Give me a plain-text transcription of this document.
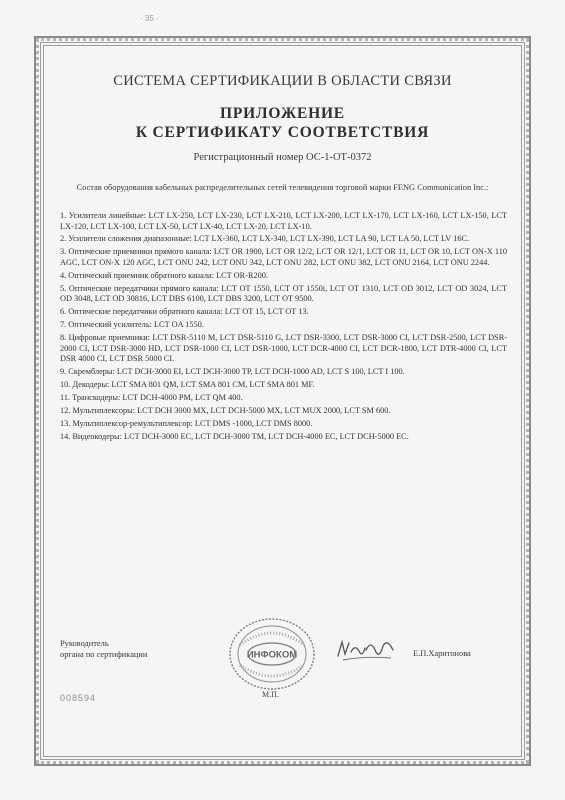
· 35 ·
СИСТЕМА СЕРТИФИКАЦИИ В ОБЛАСТИ СВЯЗИ
ПРИЛОЖЕНИЕ
К СЕРТИФИКАТУ СООТВЕТСТВИЯ
Регистрационный номер ОС-1-ОТ-0372
Состав оборудования кабельных распределительных сетей телевидения торговой марки FENG Communication Inc.:
1. Усилители линейные: LCT LX-250, LCT LX-230, LCT LX-210, LCT LX-200, LCT LX-170, LCT LX-160, LCT LX-150, LCT LX-120, LCT LX-100, LCT LX-50, LCT LX-40, LCT LX-20, LCT LX-10.
2. Усилители сложения диапазонные: LCT LX-360, LCT LX-340, LCT LX-390, LCT LA 90, LCT LA 50, LCT LV 16C.
3. Оптические приемники прямого канала: LCT OR 1900, LCT OR 12/2, LCT OR 12/1, LCT OR 11, LCT OR 10, LCT ON-X 110 AGC, LCT ON-X 120 AGC, LCT ONU 242, LCT ONU 342, LCT ONU 282, LCT ONU 382, LCT ONU 2164, LCT ONU 2244.
4. Оптический приемник обратного канала: LCT OR-R200.
5. Оптические передатчики прямого канала: LCT OT 1550, LCT OT 1550i, LCT OT 1310, LCT OD 3012, LCT OD 3024, LCT OD 3048, LCT OD 30816, LCT DBS 6100, LCT DBS 3200, LCT OT 9500.
6. Оптические передатчики обратного канала: LCT OT 15, LCT OT 13.
7. Оптический усилитель: LCT OA 1550.
8. Цифровые приемники: LCT DSR-5110 M, LCT DSR-5110 G, LCT DSR-3300, LCT DSR-3000 CI, LCT DSR-2500, LCT DSR-2000 CI, LCT DSR-3000 HD, LCT DSR-1000 CI, LCT DSR-1000, LCT DCR-4000 CI, LCT DCR-1800, LCT DTR-4000 CI, LCT DSR 4000 CI, LCT DSR 5000 CI.
9. Скремблеры: LCT DCH-3000 EI, LCT DCH-3000 TP, LCT DCH-1000 AD, LCT S 100, LCT I 100.
10. Декодеры: LCT SMA 801 QM, LCT SMA 801 CM, LCT SMA 801 MF.
11. Транскодеры: LCT DCH-4000 PM, LCT QM 400.
12. Мультиплексоры: LCT DCH 3000 MX, LCT DCH-5000 MX, LCT MUX 2000, LCT SM 600.
13. Мультиплексор-ремультиплексор: LCT DMS -1000, LCT DMS 8000.
14. Видеокодеры: LCT DCH-3000 EC, LCT DCH-3000 TM, LCT DCH-4000 EC, LCT DCH-5000 EC.
Руководитель
органа по сертификации	ИНФОКОМ
М.П.
Е.П.Харитонова
008594
